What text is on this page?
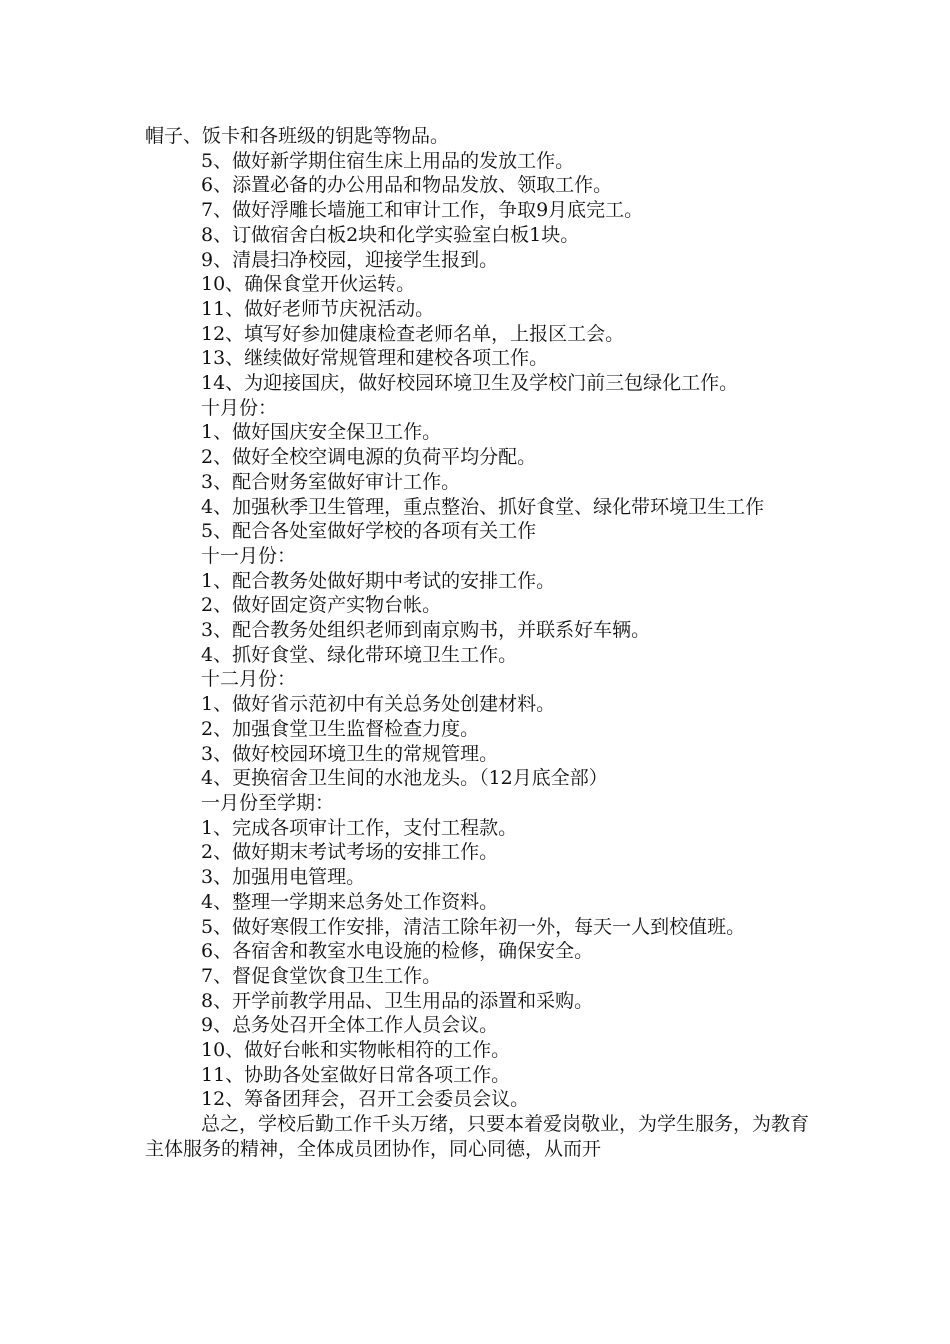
帽子、饭卡和各班级的钥匙等物品。
5、做好新学期住宿生床上用品的发放工作。
6、添置必备的办公用品和物品发放、领取工作。
7、做好浮雕长墙施工和审计工作，争取9月底完工。
8、订做宿舍白板2块和化学实验室白板1块。
9、清晨扫净校园，迎接学生报到。
10、确保食堂开伙运转。
11、做好老师节庆祝活动。
12、填写好参加健康检查老师名单，上报区工会。
13、继续做好常规管理和建校各项工作。
14、为迎接国庆，做好校园环境卫生及学校门前三包绿化工作。
十月份：
1、做好国庆安全保卫工作。
2、做好全校空调电源的负荷平均分配。
3、配合财务室做好审计工作。

4、加强秋季卫生管理，重点整治、抓好食堂、绿化带环境卫生工作

5、配合各处室做好学校的各项有关工作
十一月份：
1、配合教务处做好期中考试的安排工作。
2、做好固定资产实物台帐。
3、配合教务处组织老师到南京购书，并联系好车辆。
4、抓好食堂、绿化带环境卫生工作。
十二月份：
1、做好省示范初中有关总务处创建材料。
2、加强食堂卫生监督检查力度。
3、做好校园环境卫生的常规管理。
4、更换宿舍卫生间的水池龙头。（12月底全部）
一月份至学期：
1、完成各项审计工作，支付工程款。
2、做好期末考试考场的安排工作。
3、加强用电管理。
4、整理一学期来总务处工作资料。

5、做好寒假工作安排，清洁工除年初一外，每天一人到校值班。

6、各宿舍和教室水电设施的检修，确保安全。
7、督促食堂饮食卫生工作。
8、开学前教学用品、卫生用品的添置和采购。
9、总务处召开全体工作人员会议。
10、做好台帐和实物帐相符的工作。
11、协助各处室做好日常各项工作。
12、筹备团拜会，召开工会委员会议。

总之，学校后勤工作千头万绪，只要本着爱岗敬业，为学生服务，为教育主体服务的精神，全体成员团协作，同心同德，从而开
